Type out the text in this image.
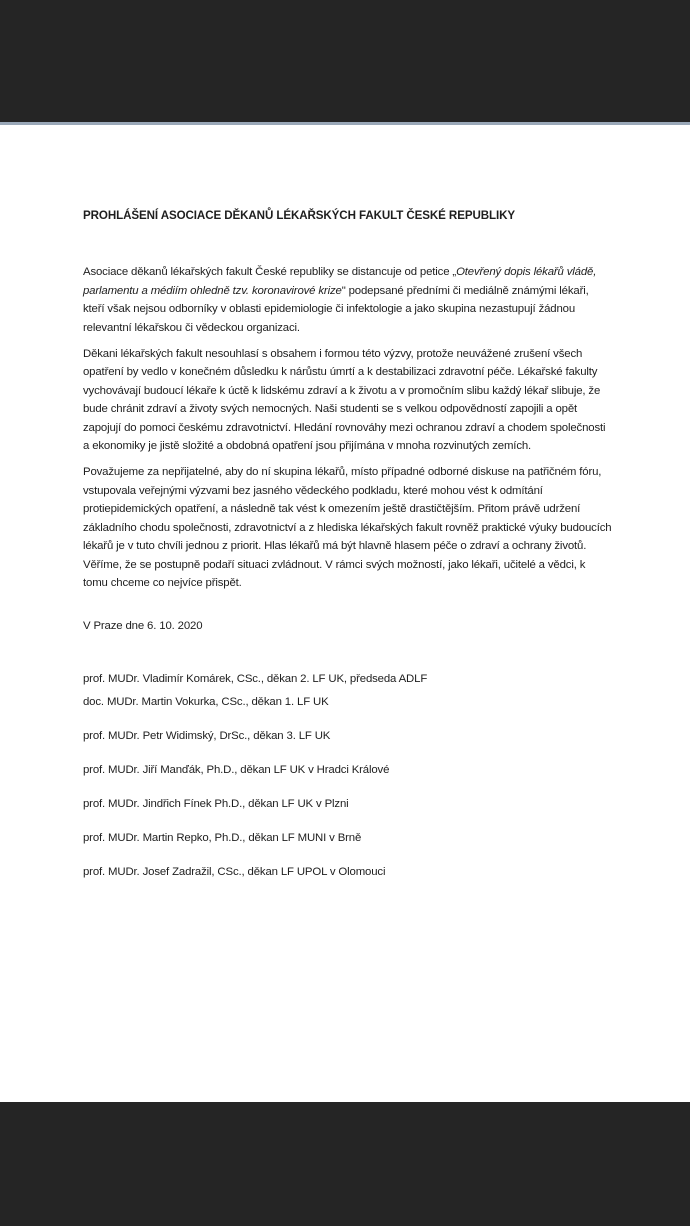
PROHLÁŠENÍ ASOCIACE DĚKANŮ LÉKAŘSKÝCH FAKULT ČESKÉ REPUBLIKY

Asociace děkanů lékařských fakult České republiky se distancuje od petice „Otevřený dopis lékařů vládě, parlamentu a médiím ohledně tzv. koronavirové krize" podepsané předními či mediálně známými lékaři, kteří však nejsou odborníky v oblasti epidemiologie či infektologie a jako skupina nezastupují žádnou relevantní lékařskou či vědeckou organizaci.

Děkani lékařských fakult nesouhlasí s obsahem i formou této výzvy, protože neuvážené zrušení všech opatření by vedlo v konečném důsledku k nárůstu úmrtí a k destabilizaci zdravotní péče. Lékařské fakulty vychovávají budoucí lékaře k úctě k lidskému zdraví a k životu a v promočním slibu každý lékař slibuje, že bude chránit zdraví a životy svých nemocných. Naši studenti se s velkou odpovědností zapojili a opět zapojují do pomoci českému zdravotnictví. Hledání rovnováhy mezi ochranou zdraví a chodem společnosti a ekonomiky je jistě složité a obdobná opatření jsou přijímána v mnoha rozvinutých zemích.

Považujeme za nepřijatelné, aby do ní skupina lékařů, místo případné odborné diskuse na patřičném fóru, vstupovala veřejnými výzvami bez jasného vědeckého podkladu, které mohou vést k odmítání protiepidemických opatření, a následně tak vést k omezením ještě drastičtějším. Přitom právě udržení základního chodu společnosti, zdravotnictví a z hlediska lékařských fakult rovněž praktické výuky budoucích lékařů je v tuto chvíli jednou z priorit. Hlas lékařů má být hlavně hlasem péče o zdraví a ochrany životů. Věříme, že se postupně podaří situaci zvládnout. V rámci svých možností, jako lékaři, učitelé a vědci, k tomu chceme co nejvíce přispět.

V Praze dne 6. 10. 2020

prof. MUDr. Vladimír Komárek, CSc., děkan 2. LF UK, předseda ADLF
doc. MUDr. Martin Vokurka, CSc., děkan 1. LF UK
prof. MUDr. Petr Widimský, DrSc., děkan 3. LF UK
prof. MUDr. Jiří Manďák, Ph.D., děkan LF UK v Hradci Králové
prof. MUDr. Jindřich Fínek Ph.D., děkan LF UK v Plzni
prof. MUDr. Martin Repko, Ph.D., děkan LF MUNI v Brně
prof. MUDr. Josef Zadražil, CSc., děkan LF UPOL v Olomouci
